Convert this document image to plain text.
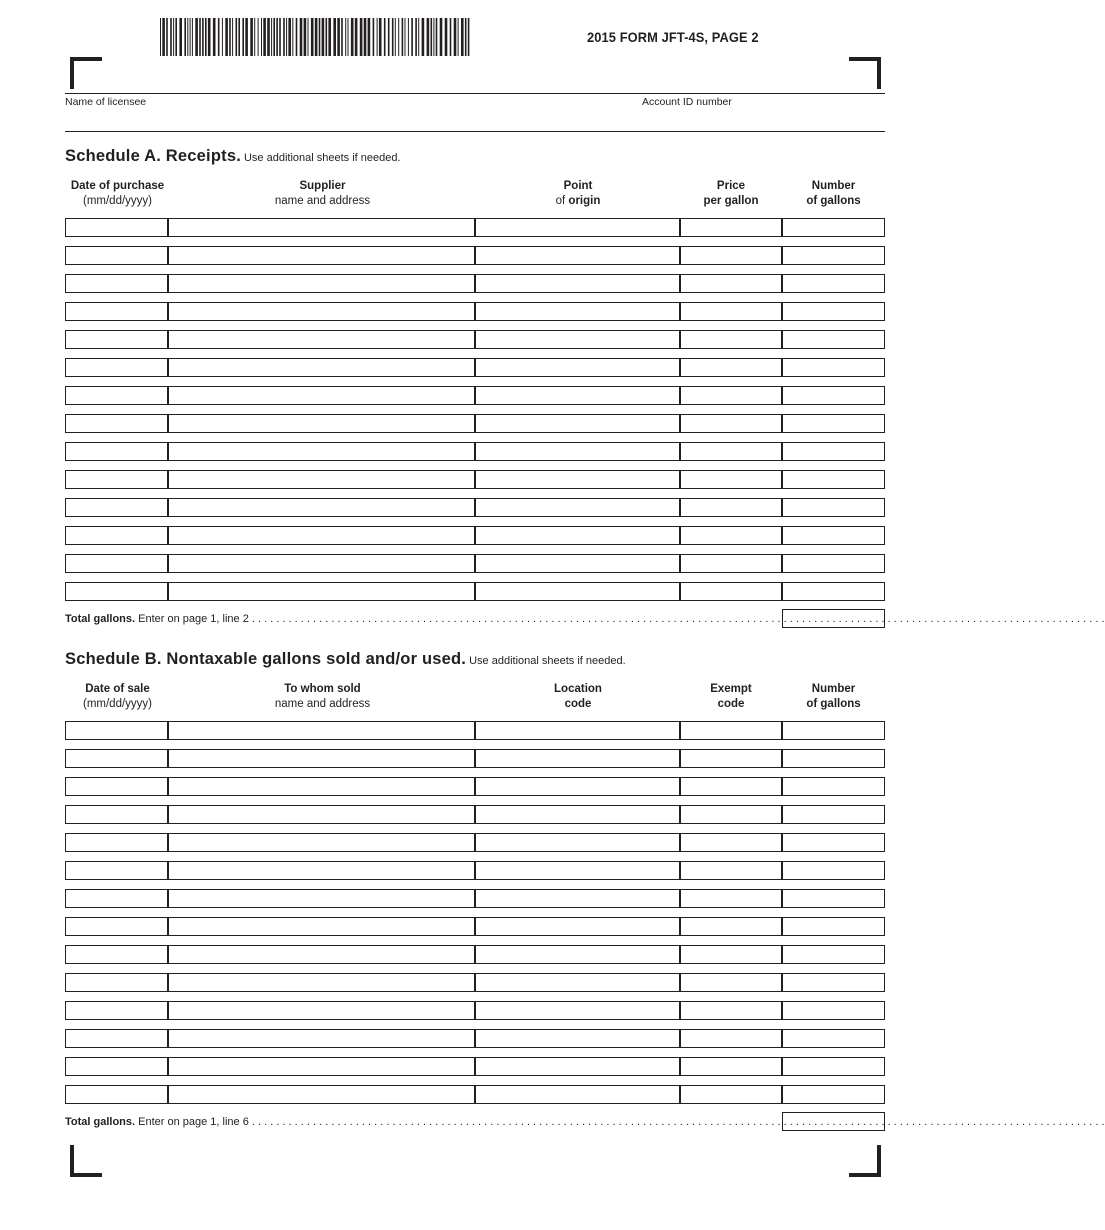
2015 FORM JFT-4S, PAGE 2
Name of licensee	Account ID number
Schedule A. Receipts. Use additional sheets if needed.
Date of purchase
(mm/dd/yyyy)
Supplier
name and address
Point
of origin
Price
per gallon
Number
of gallons
Total gallons. Enter on page 1, line 2 . . . . . . . . . . . . . . . . . . . . . . . . . . . . . . . . . . . . . . . . . . . . . . . . . . . . . . . . . . . . . . . . . . . . . . . . . . . . . . . . . . . . . . . . . . . . . . . . . . . . . . . . . . . . . . . . . . . . . . . . . . . . . . . . . . . . . . . . . . . .
Schedule B. Nontaxable gallons sold and/or used. Use additional sheets if needed.
Date of sale
(mm/dd/yyyy)
To whom sold
name and address
Location
code
Exempt
code
Number
of gallons
Total gallons. Enter on page 1, line 6 . . . . . . . . . . . . . . . . . . . . . . . . . . . . . . . . . . . . . . . . . . . . . . . . . . . . . . . . . . . . . . . . . . . . . . . . . . . . . . . . . . . . . . . . . . . . . . . . . . . . . . . . . . . . . . . . . . . . . . . . . . . . . . . . . . . . . . . . . . . .
